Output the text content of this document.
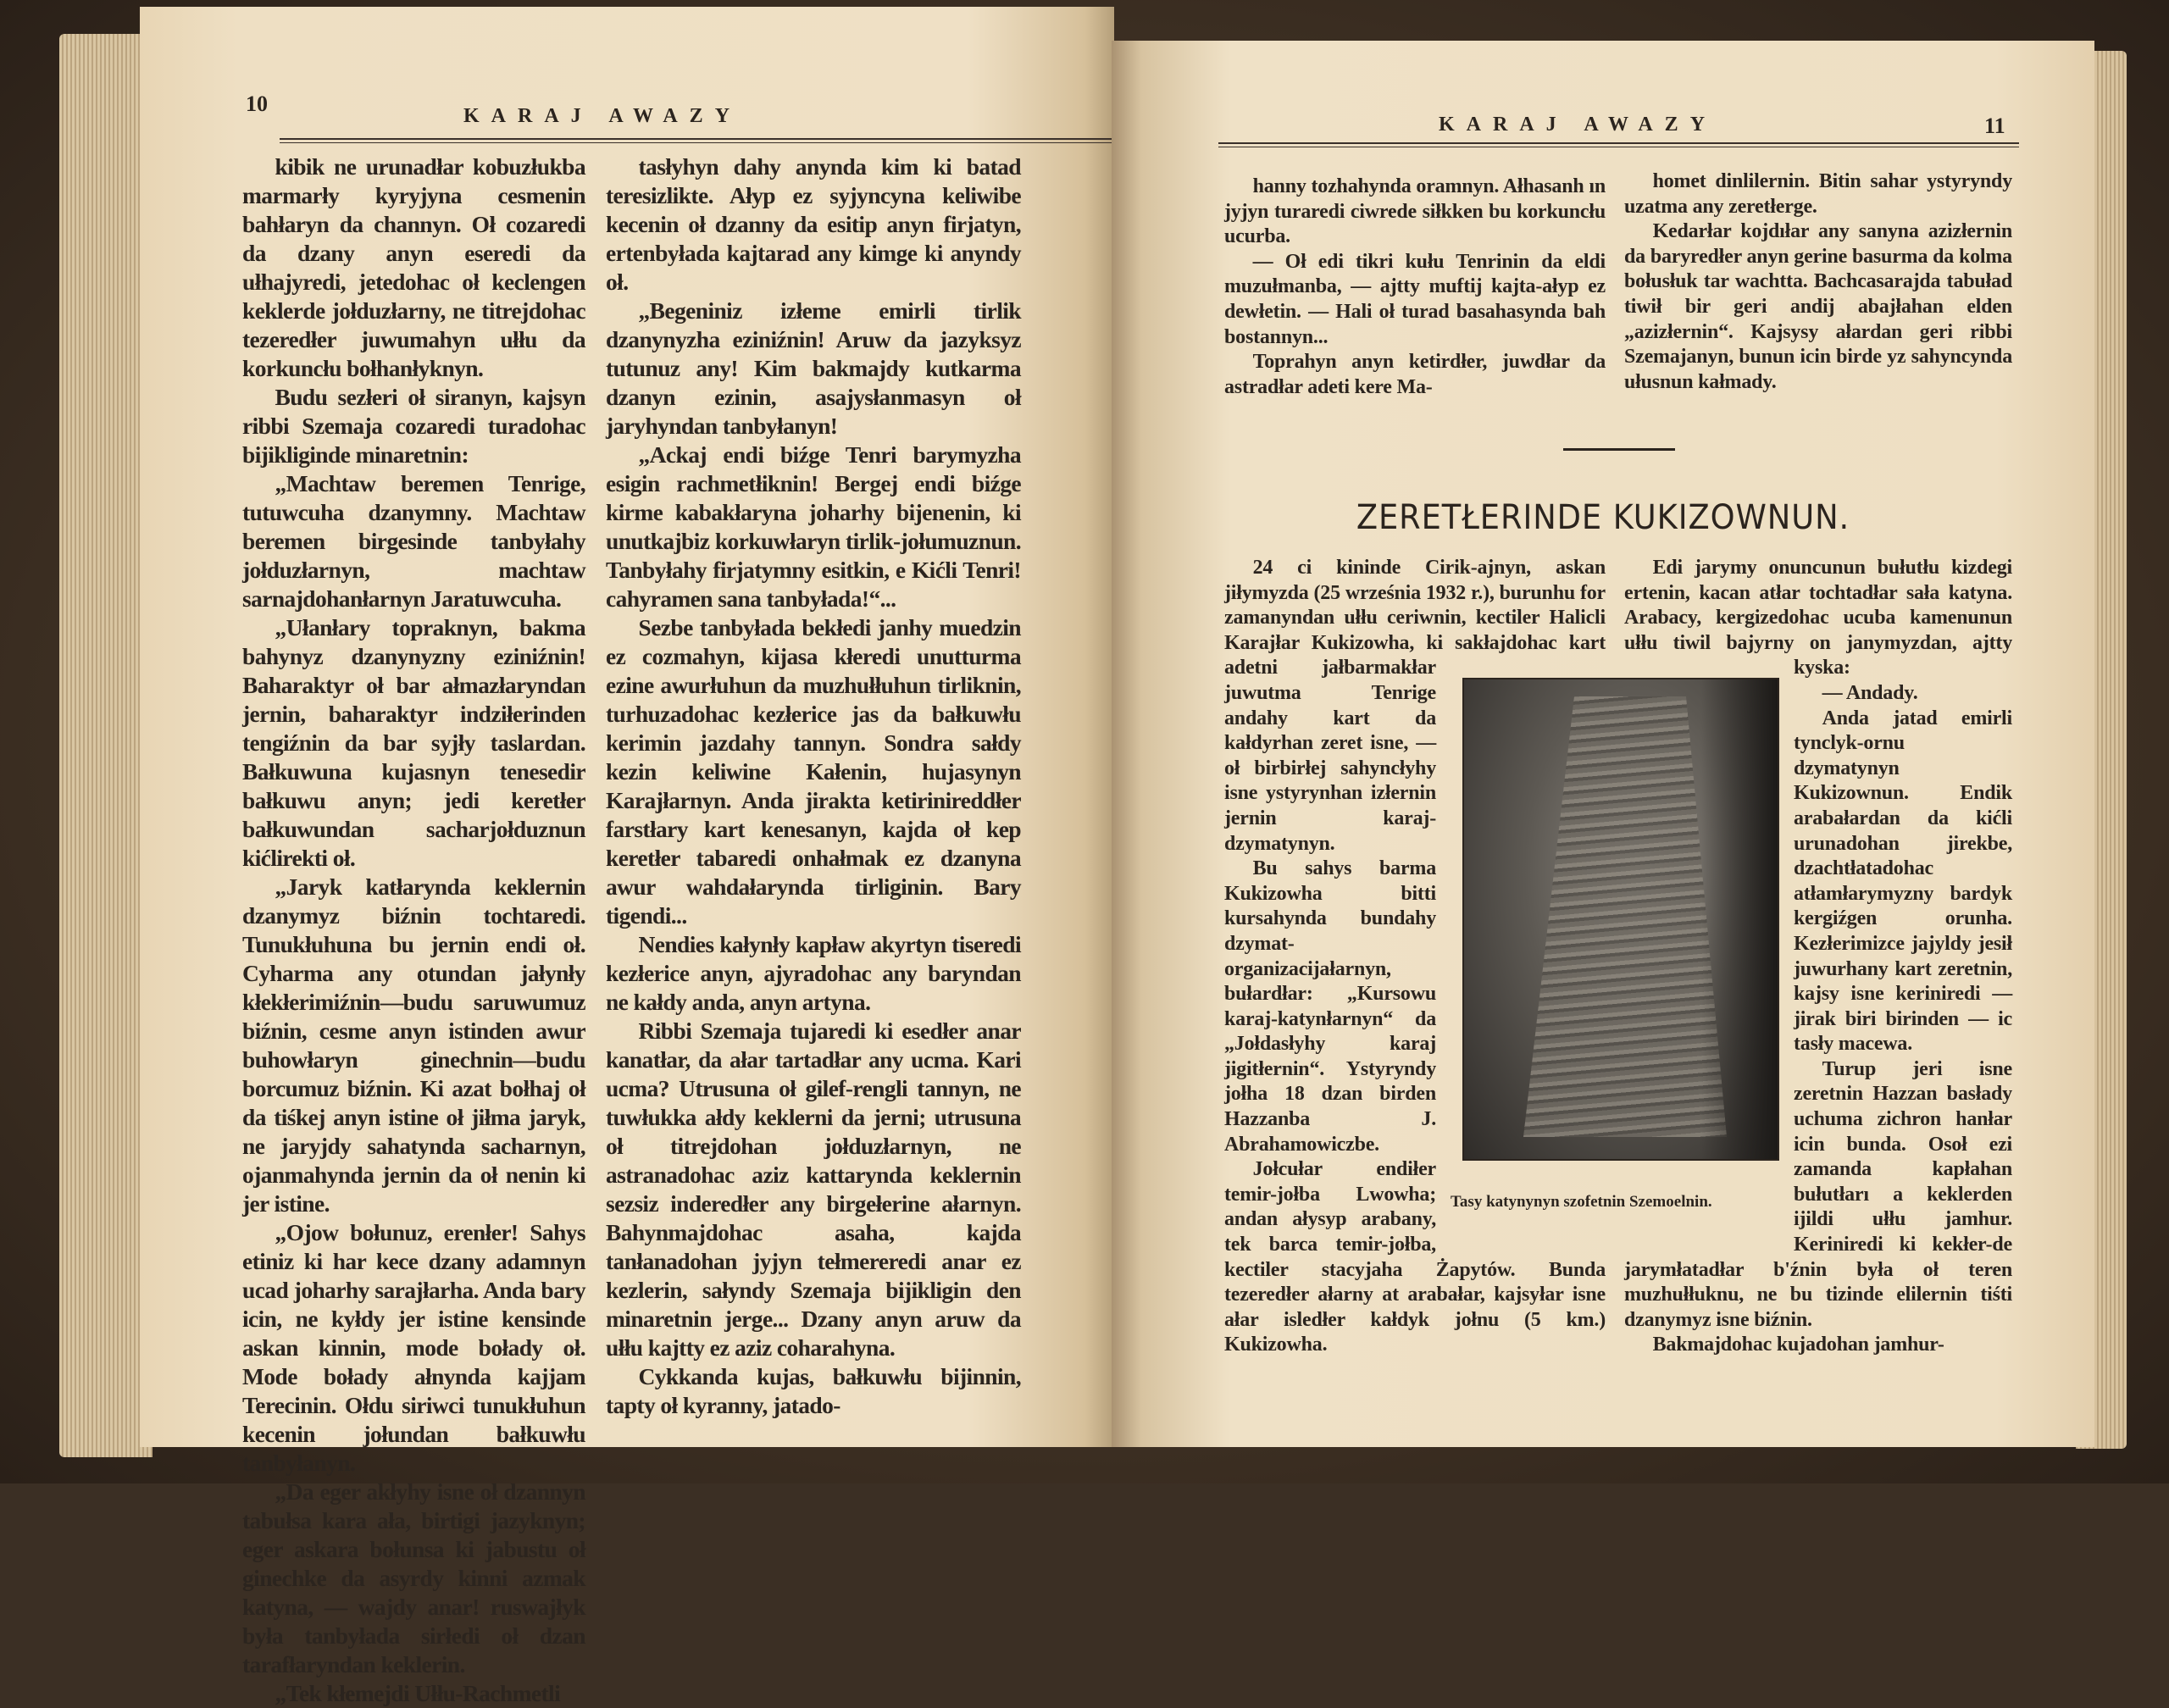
10	KARAJ AWAZY

kibik ne urunadłar kobuzłukba marmarły kyryjyna cesmenin bahłaryn da channyn. Oł cozaredi da dzany anyn eseredi da ułhajyredi, jetedohac oł keclengen keklerde jołduzłarny, ne titrejdohac tezeredłer juwumahyn ułłu da korkuncłu bołhanłyknyn.

Budu sezłeri oł siranyn, kajsyn ribbi Szemaja cozaredi turadohac bijikliginde minaretnin:

„Machtaw beremen Tenrige, tutuwcuha dzanymny. Machtaw beremen birgesinde tanbyłahy jołduzłarnyn, machtaw sarnajdohanłarnyn Jaratuwcuha.

„Ułanłary topraknyn, bakma bahynyz dzanynyzny eziniźnin! Baharaktyr oł bar ałmazłaryndan jernin, baharaktyr indziłerinden tengiźnin da bar syjły taslardan. Bałkuwuna kujasnyn tenesedir bałkuwu anyn; jedi keretłer bałkuwundan sacharjołduznun kićlirekti oł.

„Jaryk katłarynda keklernin dzanymyz biźnin tochtaredi. Tunukłuhuna bu jernin endi oł. Cyharma any otundan jałynły kłekłerimiźnin—budu saruwumuz biźnin, cesme anyn istinden awur buhowłaryn ginechnin—budu borcumuz biźnin. Ki azat bołhaj oł da tiśkej anyn istine oł jiłma jaryk, ne jaryjdy sahatynda sacharnyn, ojanmahynda jernin da oł nenin ki jer istine.

„Ojow bołunuz, erenłer! Sahys etiniz ki har kece dzany adamnyn ucad joharhy sarajłarha. Anda bary icin, ne kyłdy jer istine kensinde askan kinnin, mode bołady oł. Mode bołady ałnynda kajjam Terecinin. Ołdu siriwci tunukłuhun kecenin jołundan bałkuwłu tanbyłanyn.

„Da eger akłyhy isne oł dzannyn tabułsa kara ała, birtigi jazyknyn; eger askara bołunsa ki jabustu oł ginechke da asyrdy kinni azmak katyna, — wajdy anar! ruswajłyk była tanbyłada sirłedi oł dzan tarafłaryndan keklerin.

„Tek kłemejdi Ułłu-Rachmetli

tasłyhyn dahy anynda kim ki batad teresizlikte. Ałyp ez syjyncyna keliwibe kecenin oł dzanny da esitip anyn firjatyn, ertenbyłada kajtarad any kimge ki anyndy oł.

„Begeniniz izłeme emirli tirlik dzanynyzha eziniźnin! Aruw da jazyksyz tutunuz any! Kim bakmajdy kutkarma dzanyn ezinin, asajysłanmasyn oł jaryhyndan tanbyłanyn!

„Ackaj endi biźge Tenri barymyzha esigin rachmetłiknin! Bergej endi biźge kirme kabakłaryna joharhy bijenenin, ki unutkajbiz korkuwłaryn tirlik-jołumuznun. Tanbyłahy firjatymny esitkin, e Kićli Tenri! cahyramen sana tanbyłada!“...

Sezbe tanbyłada bekłedi janhy muedzin ez cozmahyn, kijasa kłeredi unutturma ezine awurłuhun da muzhułłuhun tirliknin, turhuzadohac kezłerice jas da bałkuwłu kerimin jazdahy tannyn. Sondra sałdy kezin keliwine Kałenin, hujasynyn Karajłarnyn. Anda jirakta ketirinireddłer farstłary kart kenesanyn, kajda oł kep keretłer tabaredi onhałmak ez dzanyna awur wahdałarynda tirliginin. Bary tigendi...

Nendies kałynły kapław akyrtyn tiseredi kezłerice anyn, ajyradohac any baryndan ne kałdy anda, anyn artyna.

Ribbi Szemaja tujaredi ki esedłer anar kanatłar, da ałar tartadłar any ucma. Kari ucma? Utrusuna oł gilef-rengli tannyn, ne tuwłukka ałdy keklerni da jerni; utrusuna oł titrejdohan jołduzłarnyn, ne astranadohac aziz kattarynda keklernin sezsiz inderedłer any birgełerine ałarnyn. Bahynmajdohac asaha, kajda tanłanadohan jyjyn tełmereredi anar ez kezlerin, sałyndy Szemaja bijikligin den minaretnin jerge... Dzany anyn aruw da ułłu kajtty ez aziz coharahyna.

Cykkanda kujas, bałkuwłu bijinnin, tapty oł kyranny, jatado-

KARAJ AWAZY	11

hanny tozhahynda oramnyn. Ałhasanh ın jyjyn turaredi ciwrede siłkken bu korkuncłu ucurba.

— Oł edi tikri kułu Tenrinin da eldi muzułmanba, — ajtty muftij kajta-ałyp ez dewłetin. — Hali oł turad basahasynda bah bostannyn...

Toprahyn anyn ketirdłer, juwdłar da astradłar adeti kere Ma-

homet dinlilernin. Bitin sahar ystyryndy uzatma any zeretłerge.

Kedarłar kojdıłar any sanyna azizłernin da baryredłer anyn gerine basurma da kolma bołusłuk tar wachtta. Bachcasarajda tabuład tiwił bir geri andij abajłahan elden „azizłernin“. Kajsysy ałardan geri ribbi Szemajanyn, bunun icin birde yz sahyncynda ułusnun kałmady.

ZERETŁERINDE KUKIZOWNUN.

24 ci kininde Cirik-ajnyn, askan jiłymyzda (25 września 1932 r.), burunhu for zamanyndan ułłu ceriwnin, kectiler Halicli Karajłar Kukizowha, ki sakłajdohac kart adetni jałbarmakłar juwutma Tenrige andahy kart da kałdyrhan zeret isne, — oł birbirłej sahyncłyhy isne ystyrynhan izłernin jernin karaj-dzymatynyn.

Bu sahys barma Kukizowha bitti kursahynda bundahy dzymat-organizacijałarnyn, bułardłar: „Kursowu karaj-katynłarnyn“ da „Jołdasłyhy karaj jigitłernin“. Ystyryndy jołha 18 dzan birden Hazzanba J. Abrahamowiczbe.

Jołcułar endiłer temir-jołba Lwowha; andan ałysyp arabany, tek barca temir-jołba, kectiler stacyjaha Żapytów. Bunda tezeredłer ałarny at arabałar, kajsyłar isne ałar isledłer kałdyk jołnu (5 km.) Kukizowha.

Edi jarymy onuncunun bułutłu kizdegi ertenin, kacan atłar tochtadłar sała katyna. Arabacy, kergizedohac ucuba kamenunun ułłu tiwil bajyrny on janymyzdan, ajtty kyska:

— Andady.

Anda jatad emirli tynclyk-ornu dzymatynyn Kukizownun. Endik arabałardan da kićli urunadohan jirekbe, dzachtłatadohac atłamłarymyzny bardyk kergiźgen orunha. Kezłerimizce jajyldy jesił juwurhany kart zeretnin, kajsy isne keriniredi — jirak biri birinden — ic tasły macewa.

Turup jeri isne zeretnin Hazzan basłady uchuma zichron hanłar icin bunda. Osoł ezi zamanda kapłahan bułutłarı a keklerden ijildi ułłu jamhur. Keriniredi ki kekłer-de jarymłatadłar b'źnin była oł teren muzhułłuknu, ne bu tizinde elilernin tiśti dzanymyz isne biźnin.

Bakmajdohac kujadohan jamhur-

Tasy katynynyn szofetnin Szemoelnin.
